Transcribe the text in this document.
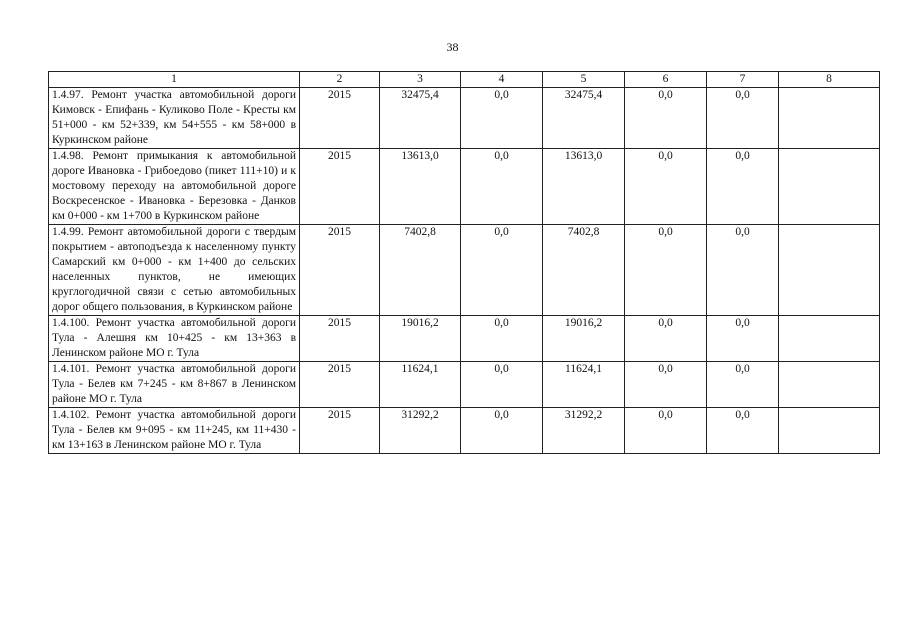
38
1	2	3	4	5	6	7	8
1.4.97. Ремонт участка автомобильной дороги Кимовск - Епифань - Куликово Поле - Кресты км 51+000 - км 52+339, км 54+555 - км 58+000 в Куркинском районе	2015	32475,4	0,0	32475,4	0,0	0,0	
1.4.98. Ремонт примыкания к автомобильной дороге Ивановка - Грибоедово (пикет 111+10) и к мостовому переходу на автомобильной дороге Воскресенское - Ивановка - Березовка - Данков км 0+000 - км 1+700 в Куркинском районе	2015	13613,0	0,0	13613,0	0,0	0,0	
1.4.99. Ремонт автомобильной дороги с твердым покрытием - автоподъезда к населенному пункту Самарский км 0+000 - км 1+400 до сельских населенных пунктов, не имеющих круглогодичной связи с сетью автомобильных дорог общего пользования, в Куркинском районе	2015	7402,8	0,0	7402,8	0,0	0,0	
1.4.100. Ремонт участка автомобильной дороги Тула - Алешня км 10+425 - км 13+363 в Ленинском районе МО г. Тула	2015	19016,2	0,0	19016,2	0,0	0,0	
1.4.101. Ремонт участка автомобильной дороги Тула - Белев км 7+245 - км 8+867 в Ленинском районе МО г. Тула	2015	11624,1	0,0	11624,1	0,0	0,0	
1.4.102. Ремонт участка автомобильной дороги Тула - Белев км 9+095 - км 11+245, км 11+430 - км 13+163 в Ленинском районе МО г. Тула	2015	31292,2	0,0	31292,2	0,0	0,0	
